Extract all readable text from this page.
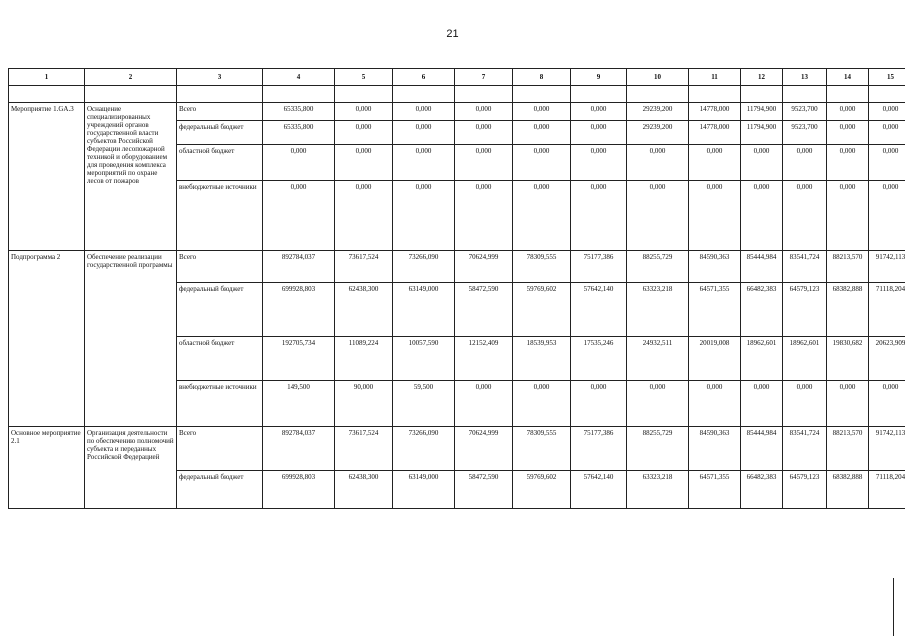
21
1	2	3	4	5	6	7	8	9	10	11	12	13	14	15

Мероприятие 1.GA.3	Оснащение специализированных учреждений органов государственной власти субъектов Российской Федерации лесопожарной техникой и оборудованием для проведения комплекса мероприятий по охране лесов от пожаров	Всего	65335,800	0,000	0,000	0,000	0,000	0,000	29239,200	14778,000	11794,900	9523,700	0,000	0,000
		федеральный бюджет	65335,800	0,000	0,000	0,000	0,000	0,000	29239,200	14778,000	11794,900	9523,700	0,000	0,000
		областной бюджет	0,000	0,000	0,000	0,000	0,000	0,000	0,000	0,000	0,000	0,000	0,000	0,000
		внебюджетные источники	0,000	0,000	0,000	0,000	0,000	0,000	0,000	0,000	0,000	0,000	0,000	0,000
Подпрограмма 2	Обеспечение реализации государственной программы	Всего	892784,037	73617,524	73266,090	70624,999	78309,555	75177,386	88255,729	84590,363	85444,984	83541,724	88213,570	91742,113
		федеральный бюджет	699928,803	62438,300	63149,000	58472,590	59769,602	57642,140	63323,218	64571,355	66482,383	64579,123	68382,888	71118,204
		областной бюджет	192705,734	11089,224	10057,590	12152,409	18539,953	17535,246	24932,511	20019,008	18962,601	18962,601	19830,682	20623,909
		внебюджетные источники	149,500	90,000	59,500	0,000	0,000	0,000	0,000	0,000	0,000	0,000	0,000	0,000
Основное мероприятие 2.1	Организация деятельности по обеспечению полномочий субъекта и переданных Российской Федерацией	Всего	892784,037	73617,524	73266,090	70624,999	78309,555	75177,386	88255,729	84590,363	85444,984	83541,724	88213,570	91742,113
		федеральный бюджет	699928,803	62438,300	63149,000	58472,590	59769,602	57642,140	63323,218	64571,355	66482,383	64579,123	68382,888	71118,204
